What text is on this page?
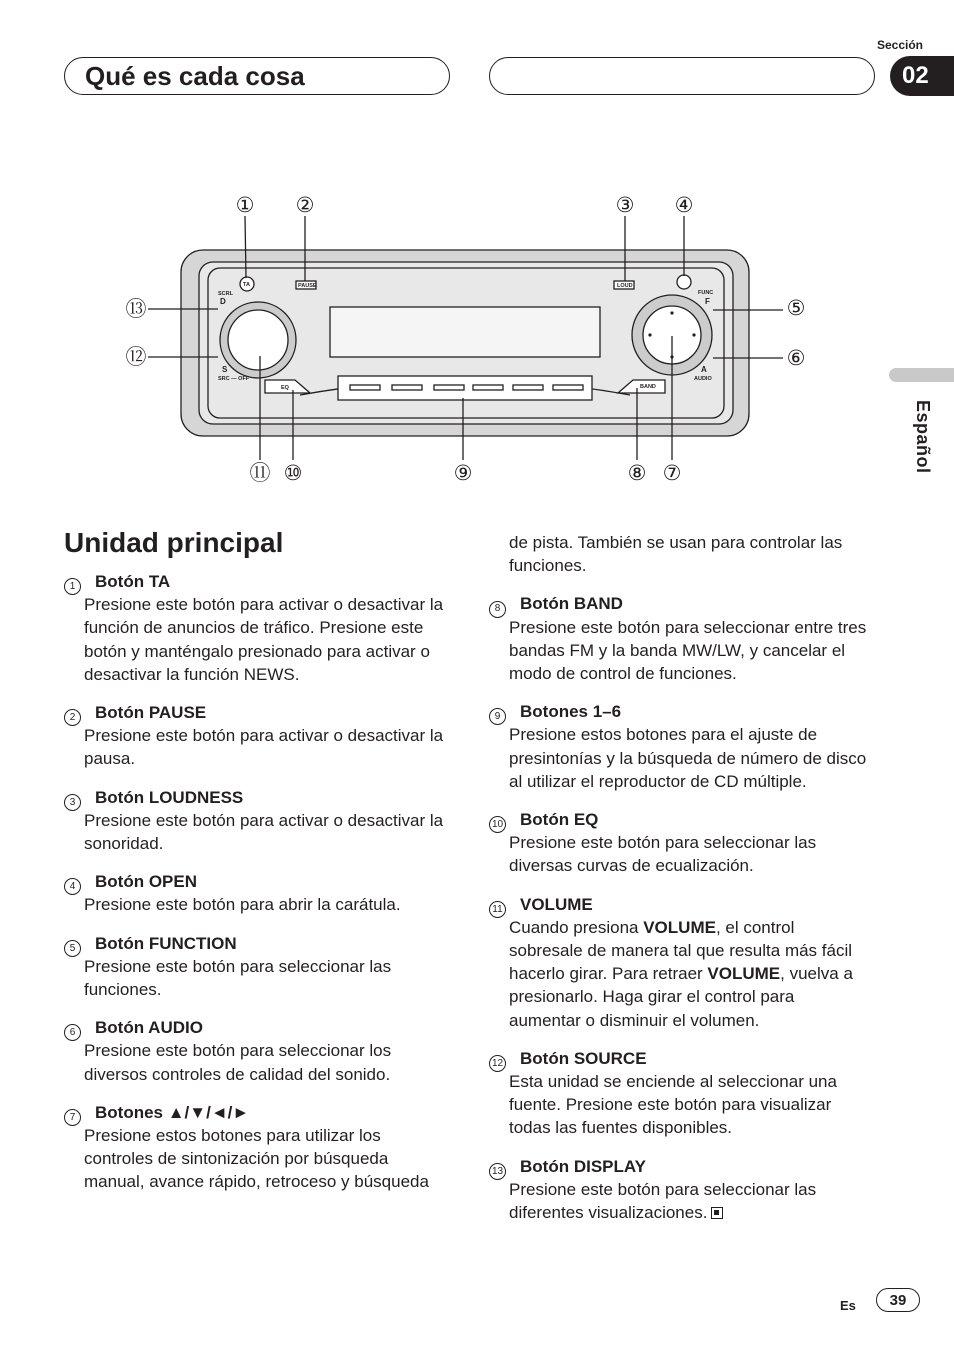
Sección
02
Qué es cada cosa
Español
TA	PAUSE	LOUD
SCRL
D
S
SRC — OFF
FUNC
F
A
AUDIO
EQ	BAND
① ②	③ ④
⑤
⑥
⑦
⑧
⑨
⑩
⑪
⑫
⑬
Unidad principal
1	Botón TA
Presione este botón para activar o desactivar la función de anuncios de tráfico. Presione este botón y manténgalo presionado para activar o desactivar la función NEWS.
2	Botón PAUSE
Presione este botón para activar o desactivar la pausa.
3	Botón LOUDNESS
Presione este botón para activar o desactivar la sonoridad.
4	Botón OPEN
Presione este botón para abrir la carátula.
5	Botón FUNCTION
Presione este botón para seleccionar las funciones.
6	Botón AUDIO
Presione este botón para seleccionar los diversos controles de calidad del sonido.
7	Botones ▲/▼/◄/►
Presione estos botones para utilizar los controles de sintonización por búsqueda manual, avance rápido, retroceso y búsqueda
de pista. También se usan para controlar las funciones.
8	Botón BAND
Presione este botón para seleccionar entre tres bandas FM y la banda MW/LW, y cancelar el modo de control de funciones.
9	Botones 1–6
Presione estos botones para el ajuste de presintonías y la búsqueda de número de disco al utilizar el reproductor de CD múltiple.
10 Botón EQ
Presione este botón para seleccionar las diversas curvas de ecualización.
11 VOLUME
Cuando presiona VOLUME, el control sobresale de manera tal que resulta más fácil hacerlo girar. Para retraer VOLUME, vuelva a presionarlo. Haga girar el control para aumentar o disminuir el volumen.
12 Botón SOURCE
Esta unidad se enciende al seleccionar una fuente. Presione este botón para visualizar todas las fuentes disponibles.
13 Botón DISPLAY
Presione este botón para seleccionar las diferentes visualizaciones.
Es	39
